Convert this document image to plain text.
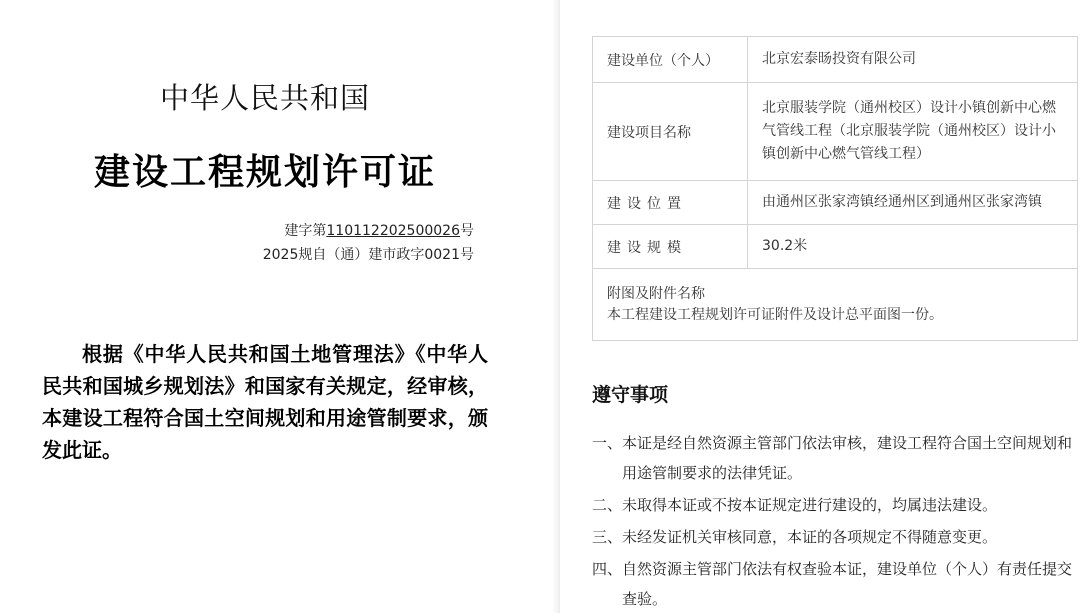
中华人民共和国
建设工程规划许可证
建字第110112202500026号
2025规自（通）建市政字0021号
根据《中华人民共和国土地管理法》《中华人民共和国城乡规划法》和国家有关规定，经审核，本建设工程符合国土空间规划和用途管制要求，颁发此证。
建设单位（个人）	北京宏泰旸投资有限公司
建设项目名称	北京服装学院（通州校区）设计小镇创新中心燃气管线工程（北京服装学院（通州校区）设计小镇创新中心燃气管线工程）
建设位置	由通州区张家湾镇经通州区到通州区张家湾镇
建设规模	30.2米

附图及附件名称
本工程建设工程规划许可证附件及设计总平面图一份。	
遵守事项
一、 本证是经自然资源主管部门依法审核，建设工程符合国土空间规划和用途管制要求的法律凭证。
二、 未取得本证或不按本证规定进行建设的，均属违法建设。
三、 未经发证机关审核同意，本证的各项规定不得随意变更。
四、 自然资源主管部门依法有权查验本证，建设单位（个人）有责任提交查验。
